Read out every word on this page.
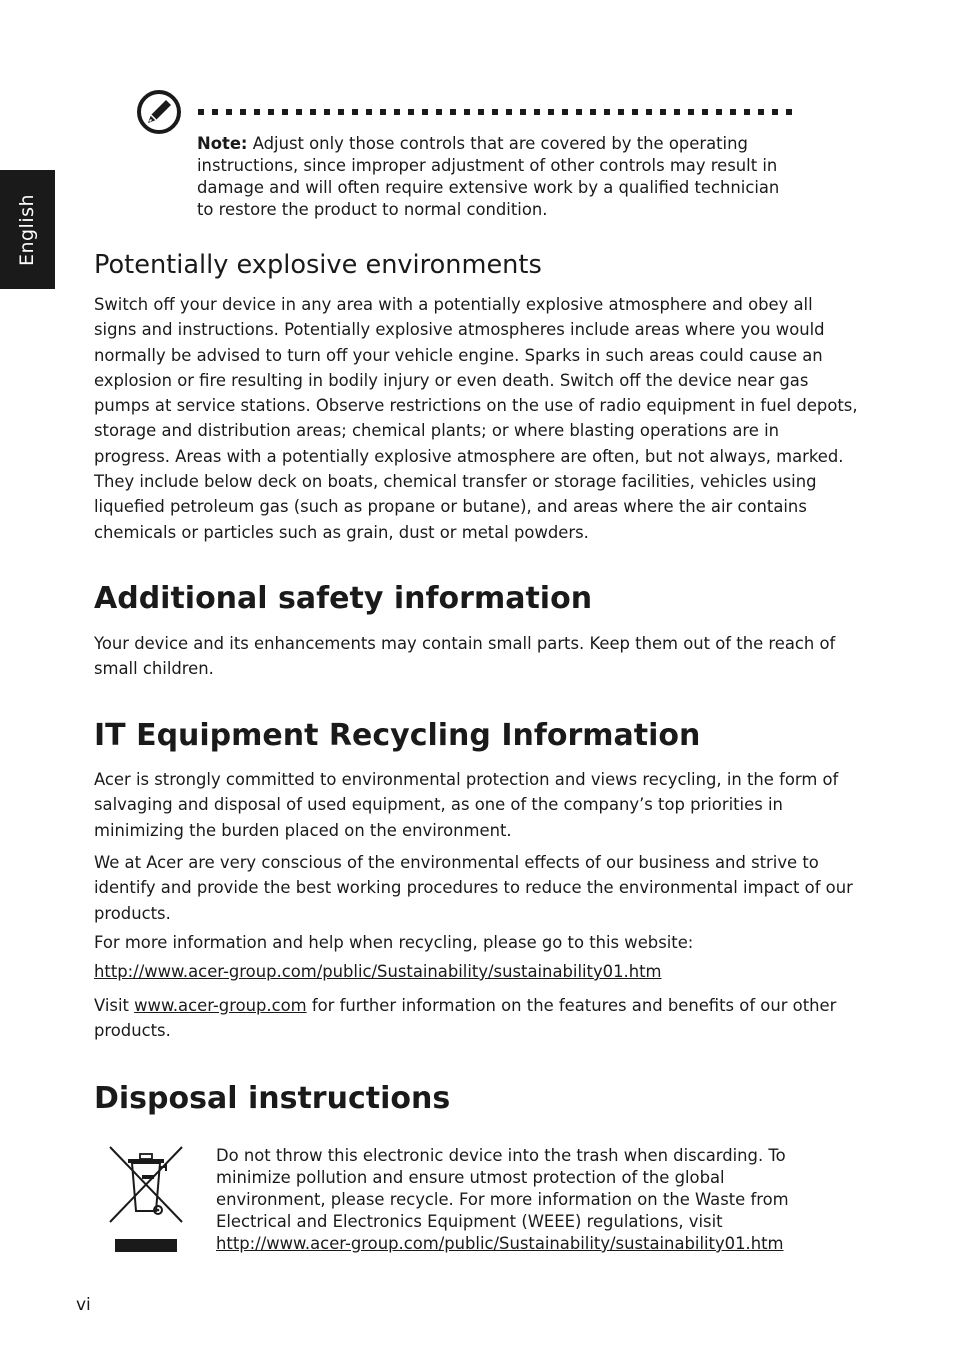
English

Note: Adjust only those controls that are covered by the operating instructions, since improper adjustment of other controls may result in damage and will often require extensive work by a qualified technician to restore the product to normal condition.

Potentially explosive environments

Switch off your device in any area with a potentially explosive atmosphere and obey all signs and instructions. Potentially explosive atmospheres include areas where you would normally be advised to turn off your vehicle engine. Sparks in such areas could cause an explosion or fire resulting in bodily injury or even death. Switch off the device near gas pumps at service stations. Observe restrictions on the use of radio equipment in fuel depots, storage and distribution areas; chemical plants; or where blasting operations are in progress. Areas with a potentially explosive atmosphere are often, but not always, marked. They include below deck on boats, chemical transfer or storage facilities, vehicles using liquefied petroleum gas (such as propane or butane), and areas where the air contains chemicals or particles such as grain, dust or metal powders.

Additional safety information

Your device and its enhancements may contain small parts. Keep them out of the reach of small children.

IT Equipment Recycling Information

Acer is strongly committed to environmental protection and views recycling, in the form of salvaging and disposal of used equipment, as one of the company’s top priorities in minimizing the burden placed on the environment.

We at Acer are very conscious of the environmental effects of our business and strive to identify and provide the best working procedures to reduce the environmental impact of our products.

For more information and help when recycling, please go to this website:

http://www.acer-group.com/public/Sustainability/sustainability01.htm

Visit www.acer-group.com for further information on the features and benefits of our other products.

Disposal instructions

Do not throw this electronic device into the trash when discarding. To minimize pollution and ensure utmost protection of the global environment, please recycle. For more information on the Waste from Electrical and Electronics Equipment (WEEE) regulations, visit
http://www.acer-group.com/public/Sustainability/sustainability01.htm

vi
